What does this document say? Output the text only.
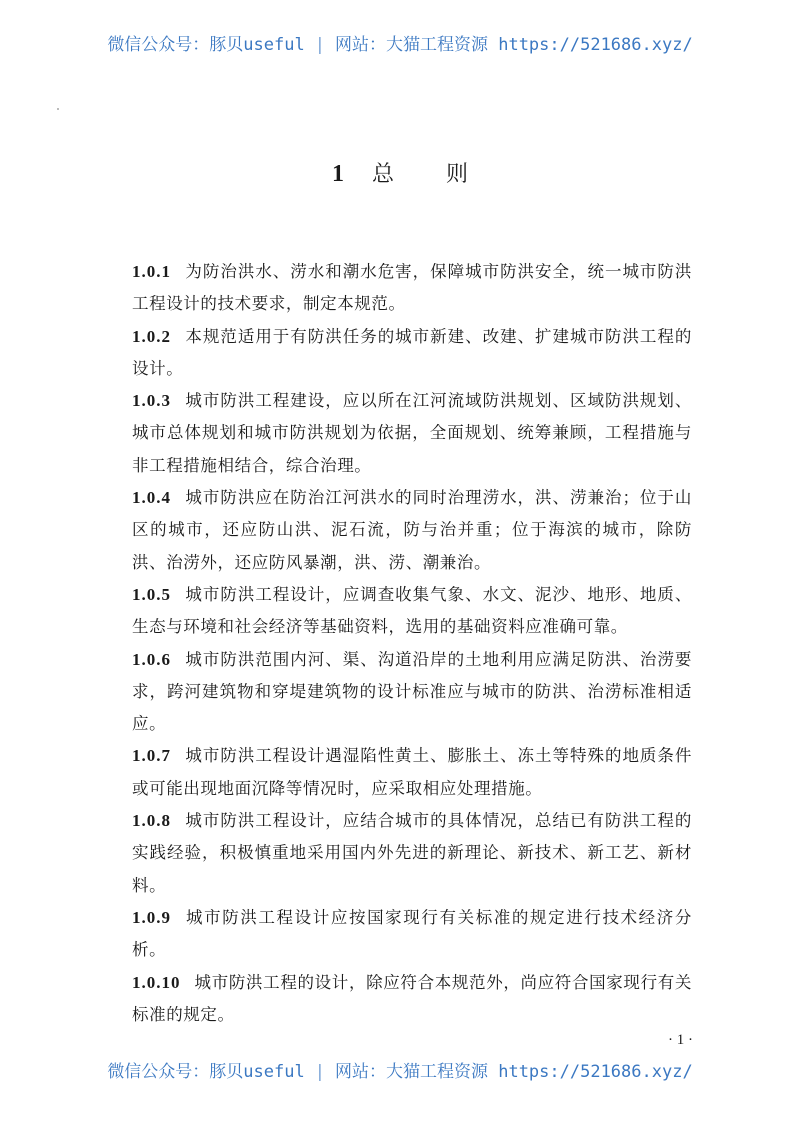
微信公众号：豚贝useful | 网站：大猫工程资源 https://521686.xyz/
1 总 则

1.0.1 为防治洪水、涝水和潮水危害，保障城市防洪安全，统一城市防洪工程设计的技术要求，制定本规范。

1.0.2 本规范适用于有防洪任务的城市新建、改建、扩建城市防洪工程的设计。

1.0.3 城市防洪工程建设，应以所在江河流域防洪规划、区域防洪规划、城市总体规划和城市防洪规划为依据，全面规划、统筹兼顾，工程措施与非工程措施相结合，综合治理。

1.0.4 城市防洪应在防治江河洪水的同时治理涝水，洪、涝兼治；位于山区的城市，还应防山洪、泥石流，防与治并重；位于海滨的城市，除防洪、治涝外，还应防风暴潮，洪、涝、潮兼治。

1.0.5 城市防洪工程设计，应调查收集气象、水文、泥沙、地形、地质、生态与环境和社会经济等基础资料，选用的基础资料应准确可靠。

1.0.6 城市防洪范围内河、渠、沟道沿岸的土地利用应满足防洪、治涝要求，跨河建筑物和穿堤建筑物的设计标准应与城市的防洪、治涝标准相适应。

1.0.7 城市防洪工程设计遇湿陷性黄土、膨胀土、冻土等特殊的地质条件或可能出现地面沉降等情况时，应采取相应处理措施。

1.0.8 城市防洪工程设计，应结合城市的具体情况，总结已有防洪工程的实践经验，积极慎重地采用国内外先进的新理论、新技术、新工艺、新材料。

1.0.9 城市防洪工程设计应按国家现行有关标准的规定进行技术经济分析。

1.0.10 城市防洪工程的设计，除应符合本规范外，尚应符合国家现行有关标准的规定。

· 1 ·
微信公众号：豚贝useful | 网站：大猫工程资源 https://521686.xyz/
